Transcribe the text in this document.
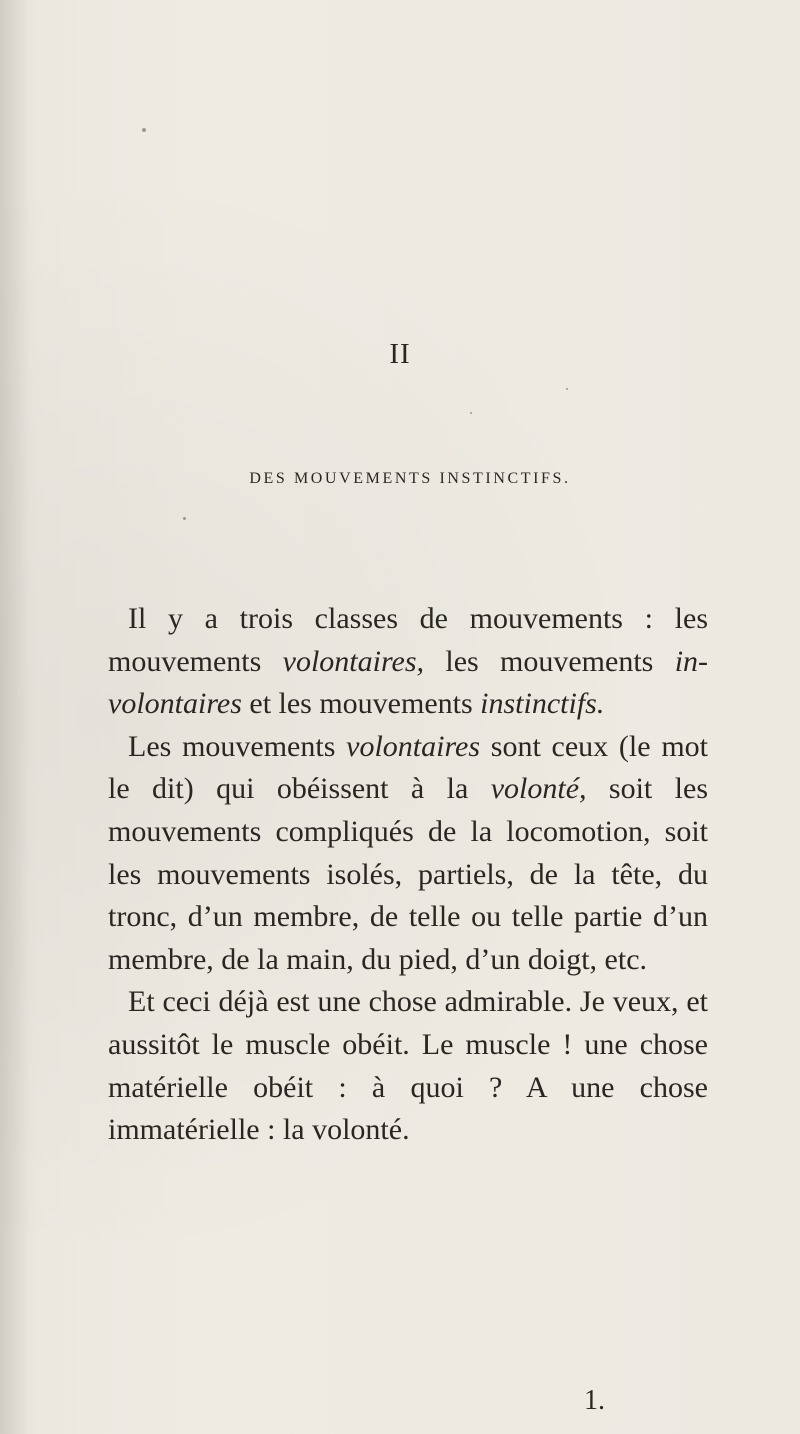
II
DES MOUVEMENTS INSTINCTIFS.

Il y a trois classes de mouvements : les mouvements volontaires, les mouvements in-volontaires et les mouvements instinctifs.

Les mouvements volontaires sont ceux (le mot le dit) qui obéissent à la volonté, soit les mouvements compliqués de la locomotion, soit les mouvements isolés, partiels, de la tête, du tronc, d’un membre, de telle ou telle partie d’un membre, de la main, du pied, d’un doigt, etc.

Et ceci déjà est une chose admirable. Je veux, et aussitôt le muscle obéit. Le muscle ! une chose matérielle obéit : à quoi ? A une chose immatérielle : la volonté.

1.
